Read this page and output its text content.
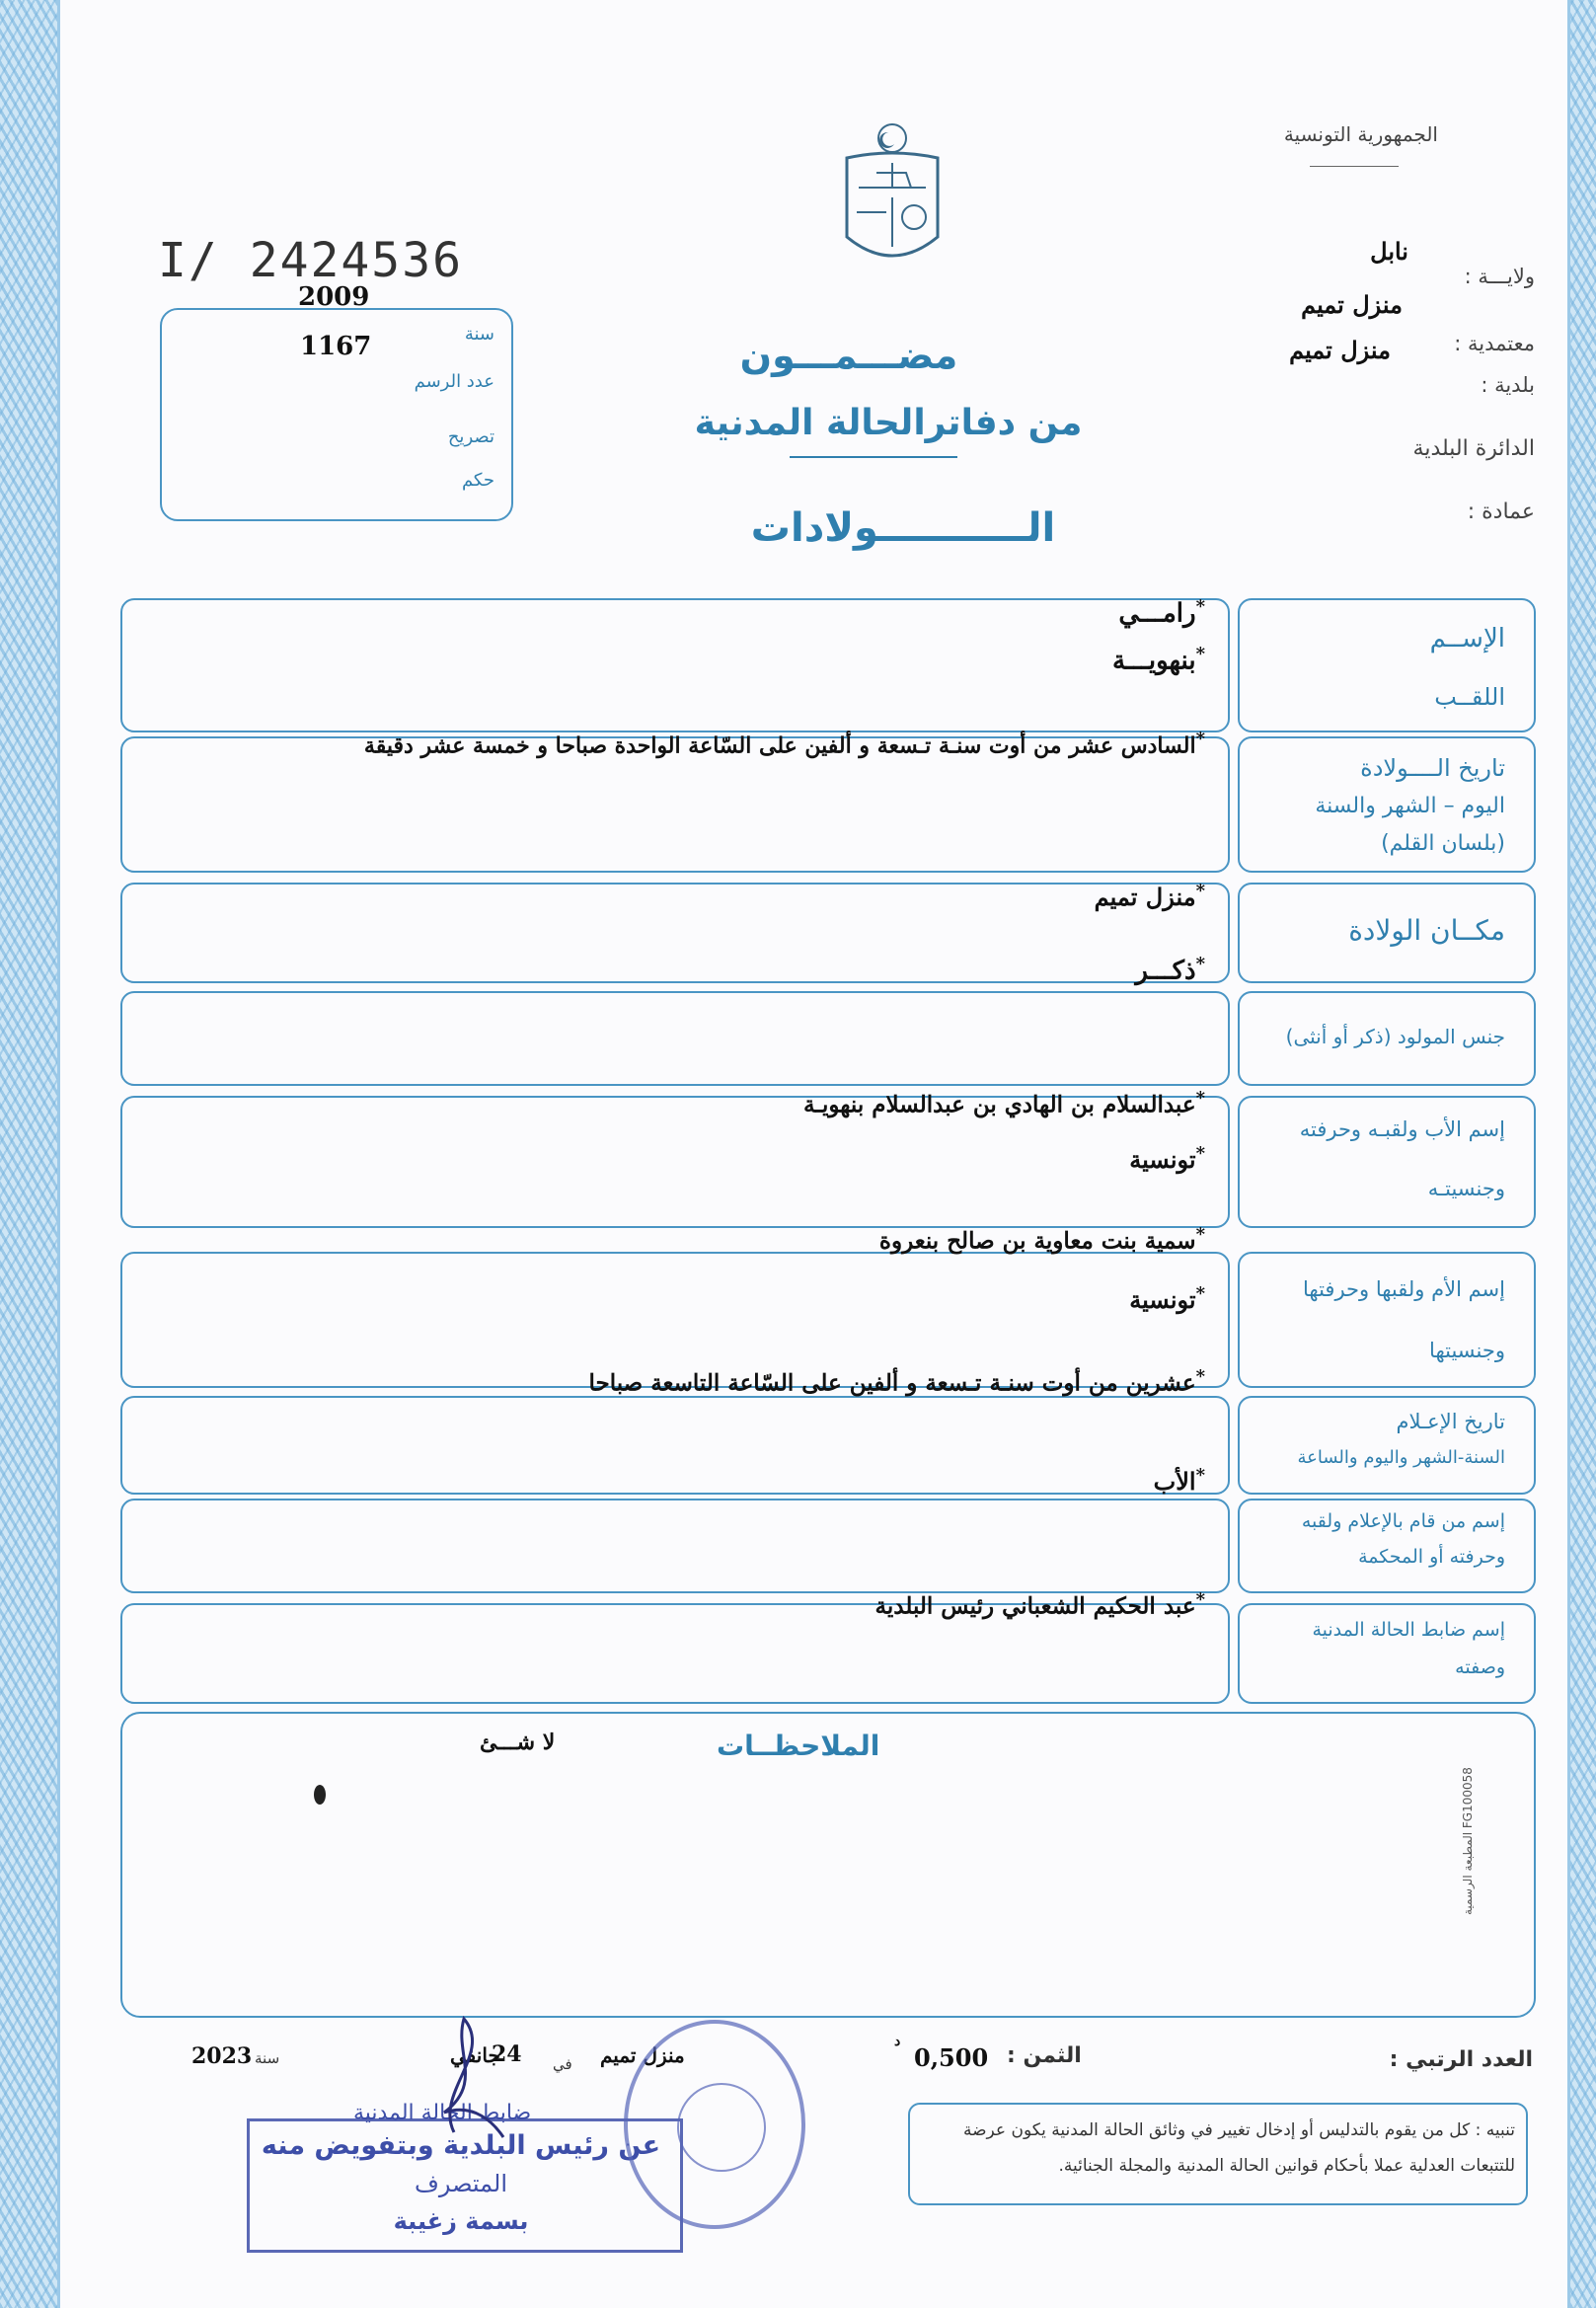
الجمهورية التونسية
I/ 2424536
سنة
2009
عدد الرسم
1167
تصريح
حكم
نابل
ولايـــة :
منزل تميم
معتمدية :
منزل تميم
بلدية :
الدائرة البلدية
عمادة :
مضـــمـــون
من دفاترالحالة المدنية
الـــــــــــولادات
الإســم
اللقــب
*رامـــي
*بنهويـــة
تاريخ الــــولادة
اليوم – الشهر والسنة
(بلسان القلم)
*السادس عشر من أوت سنـة تـسعة و ألفين على السّاعة الواحدة صباحا و خمسة عشر دقيقة
مكــان الولادة
*منزل تميم
*ذكـــر
جنس المولود (ذكر أو أنثى)
إسم الأب ولقبـه وحرفته
وجنسيتـه
*عبدالسلام بن الهادي بن عبدالسلام بنهويـة
*تونسية
إسم الأم ولقبها وحرفتها
وجنسيتها
*سمية بنت معاوية بن صالح بنعروة
*تونسية
تاريخ الإعـلام
السنة-الشهر واليوم والساعة
*عشرين من أوت سنـة تـسعة و ألفين على السّاعة التاسعة صباحا
إسم من قام بالإعلام ولقبه
وحرفته أو المحكمة
*الأب
إسم ضابط الحالة المدنية
وصفته
*عبد الحكيم الشعباني رئيس البلدية
الملاحظــات
لا شـــئ
المطبعة الرسمية FG100058
العدد الرتبي :
الثمن :
0,500
د
منزل تميم
في
24
جانفي
سنة
2023
تنبيه : كل من يقوم بالتدليس أو إدخال تغيير في وثائق الحالة المدنية يكون عرضة
للتتبعات العدلية عملا بأحكام قوانين الحالة المدنية والمجلة الجنائية.
ضابط الحالة المدنية
عن رئيس البلدية وبتفويض منه
المتصرف
بسمة زغيبة
